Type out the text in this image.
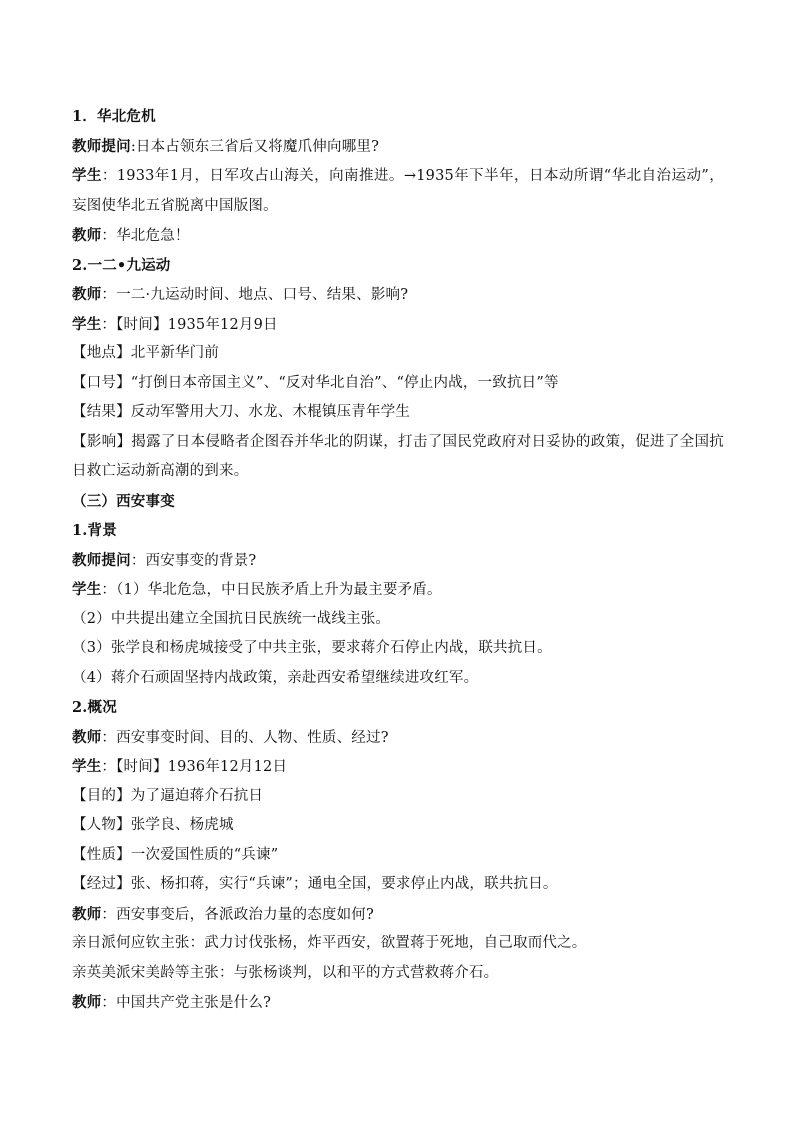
1．华北危机
教师提问:日本占领东三省后又将魔爪伸向哪里?
学生：1933年1月，日军攻占山海关，向南推进。→1935年下半年，日本动所谓“华北自治运动”，妄图使华北五省脱离中国版图。
教师：华北危急！
2.一二•九运动
教师：一二·九运动时间、地点、口号、结果、影响?
学生：【时间】1935年12月9日
【地点】北平新华门前
【口号】“打倒日本帝国主义”、“反对华北自治”、“停止内战，一致抗日”等
【结果】反动军警用大刀、水龙、木棍镇压青年学生
【影响】揭露了日本侵略者企图吞并华北的阴谋，打击了国民党政府对日妥协的政策，促进了全国抗日救亡运动新高潮的到来。
（三）西安事变
1.背景
教师提问：西安事变的背景?
学生：（1）华北危急，中日民族矛盾上升为最主要矛盾。
（2）中共提出建立全国抗日民族统一战线主张。
（3）张学良和杨虎城接受了中共主张，要求蒋介石停止内战，联共抗日。
（4）蒋介石顽固坚持内战政策，亲赴西安希望继续进攻红军。
2.概况
教师：西安事变时间、目的、人物、性质、经过?
学生：【时间】1936年12月12日
【目的】为了逼迫蒋介石抗日
【人物】张学良、杨虎城
【性质】一次爱国性质的“兵谏”
【经过】张、杨扣蒋，实行“兵谏”；通电全国，要求停止内战，联共抗日。
教师：西安事变后，各派政治力量的态度如何?
亲日派何应钦主张：武力讨伐张杨，炸平西安，欲置蒋于死地，自己取而代之。
亲英美派宋美龄等主张：与张杨谈判，以和平的方式营救蒋介石。
教师：中国共产党主张是什么?
